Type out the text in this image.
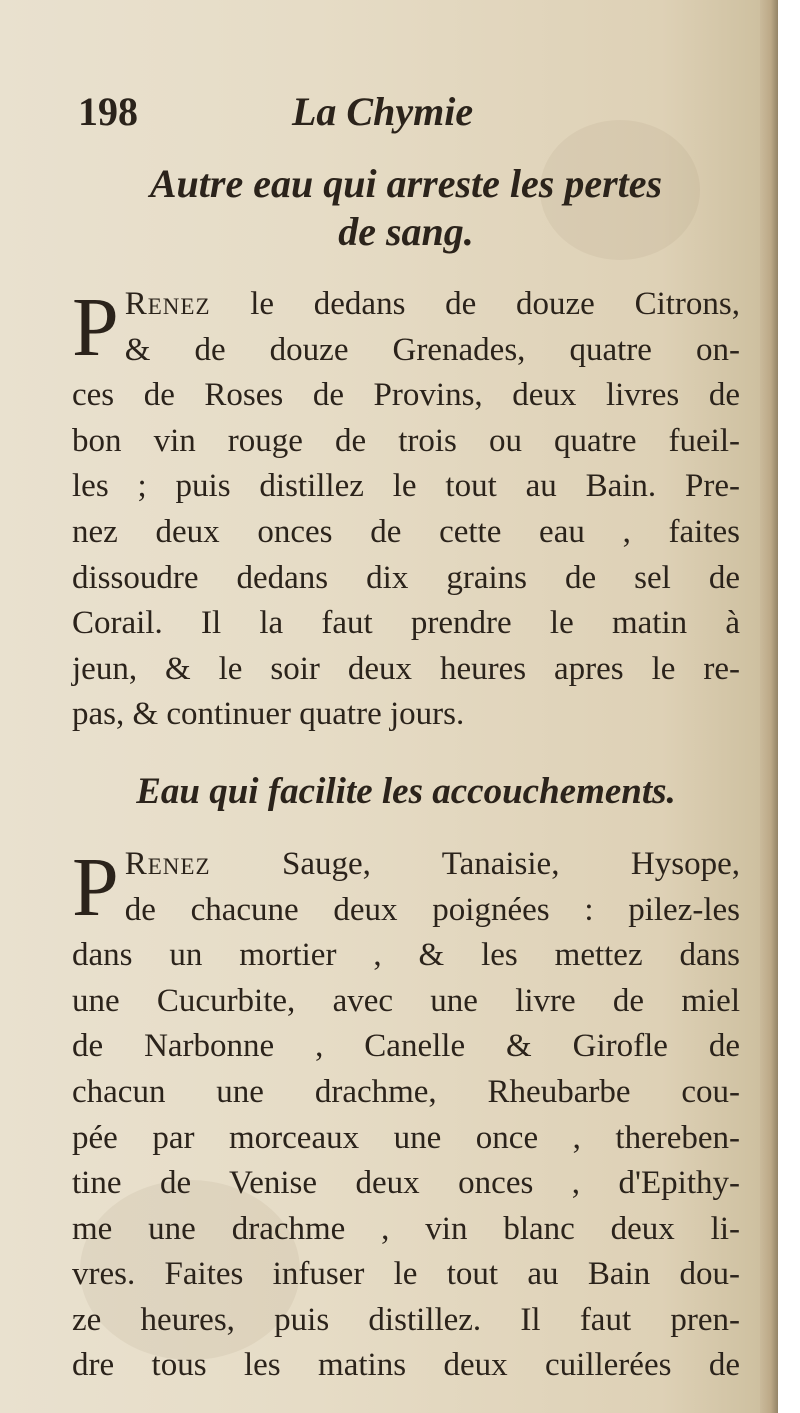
198	La Chymie
Autre eau qui arreste les pertes
de sang.
P Renez le dedans de douze Citrons,
& de douze Grenades, quatre on-
ces de Roses de Provins, deux livres de
bon vin rouge de trois ou quatre fueil-
les ; puis distillez le tout au Bain. Pre-
nez deux onces de cette eau , faites
dissoudre dedans dix grains de sel de
Corail. Il la faut prendre le matin à
jeun, & le soir deux heures apres le re-
pas, & continuer quatre jours.
Eau qui facilite les accouchements.
P Renez Sauge, Tanaisie, Hysope,
de chacune deux poignées : pilez-les
dans un mortier , & les mettez dans
une Cucurbite, avec une livre de miel
de Narbonne , Canelle & Girofle de
chacun une drachme, Rheubarbe cou-
pée par morceaux une once , thereben-
tine de Venise deux onces , d'Epithy-
me une drachme , vin blanc deux li-
vres. Faites infuser le tout au Bain dou-
ze heures, puis distillez. Il faut pren-
dre tous les matins deux cuillerées de
